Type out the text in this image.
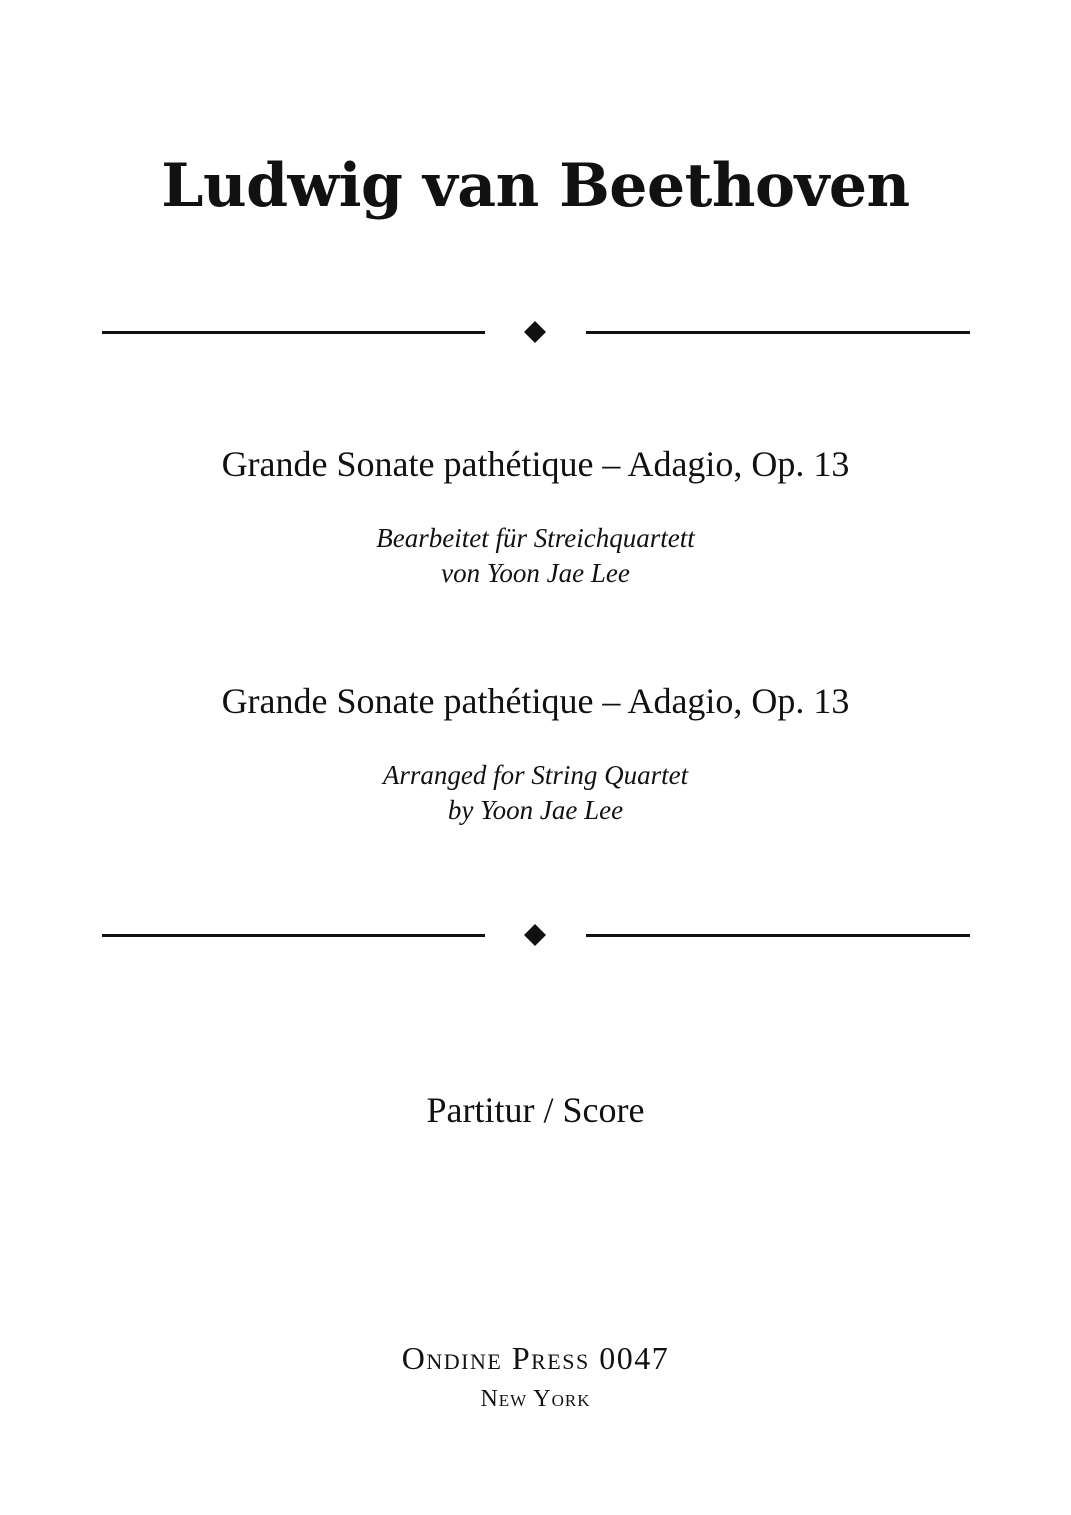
Ludwig van Beethoven
Grande Sonate pathétique – Adagio, Op. 13
Bearbeitet für Streichquartett
von Yoon Jae Lee
Grande Sonate pathétique – Adagio, Op. 13
Arranged for String Quartet
by Yoon Jae Lee
Partitur / Score
Ondine Press 0047
New York
